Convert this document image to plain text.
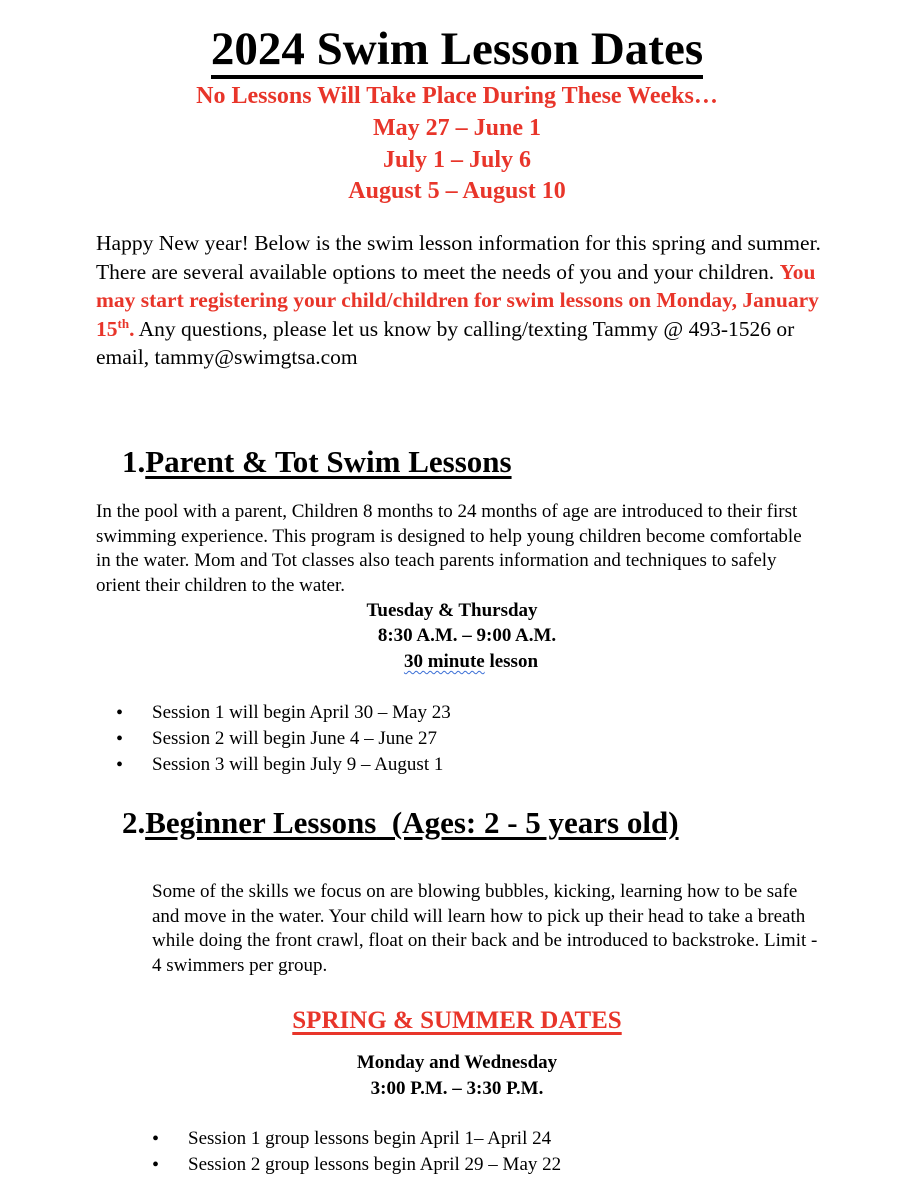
2024 Swim Lesson Dates
No Lessons Will Take Place During These Weeks…
May 27 – June 1
July 1 – July 6
August 5 – August 10
Happy New year! Below is the swim lesson information for this spring and summer. There are several available options to meet the needs of you and your children. You may start registering your child/children for swim lessons on Monday, January 15th. Any questions, please let us know by calling/texting Tammy @ 493-1526 or email, tammy@swimgtsa.com
1.Parent & Tot Swim Lessons
In the pool with a parent, Children 8 months to 24 months of age are introduced to their first swimming experience. This program is designed to help young children become comfortable in the water. Mom and Tot classes also teach parents information and techniques to safely orient their children to the water.
Tuesday & Thursday
8:30 A.M. – 9:00 A.M.
30 minute lesson
• Session 1 will begin April 30 – May 23
• Session 2 will begin June 4 – June 27
• Session 3 will begin July 9 – August 1
2.Beginner Lessons  (Ages: 2 - 5 years old)
Some of the skills we focus on are blowing bubbles, kicking, learning how to be safe and move in the water. Your child will learn how to pick up their head to take a breath while doing the front crawl, float on their back and be introduced to backstroke. Limit - 4 swimmers per group.
SPRING & SUMMER DATES
Monday and Wednesday
3:00 P.M. – 3:30 P.M.
• Session 1 group lessons begin April 1– April 24
• Session 2 group lessons begin April 29 – May 22
